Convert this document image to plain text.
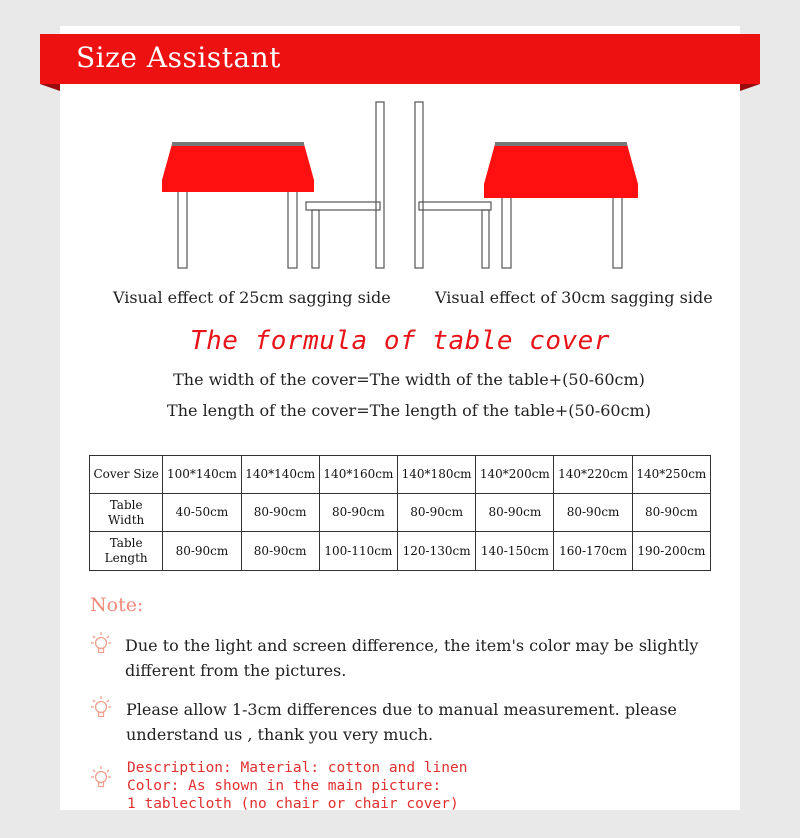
Size Assistant
Visual effect of 25cm sagging side	Visual effect of 30cm sagging side
The formula of table cover
The width of the cover=The width of the table+(50-60cm)
The length of the cover=The length of the table+(50-60cm)
Cover Size	100*140cm	140*140cm	140*160cm	140*180cm	140*200cm	140*220cm	140*250cm

Table
Width	40-50cm	80-90cm	80-90cm	80-90cm	80-90cm	80-90cm	80-90cm

Table
Length	80-90cm	80-90cm	100-110cm	120-130cm	140-150cm	160-170cm	190-200cm
Note:
Due to the light and screen difference, the item's color may be slightly
different from the pictures.
Please allow 1-3cm differences due to manual measurement. please
understand us , thank you very much.
Description: Material: cotton and linen
Color: As shown in the main picture:
1 tablecloth (no chair or chair cover)
